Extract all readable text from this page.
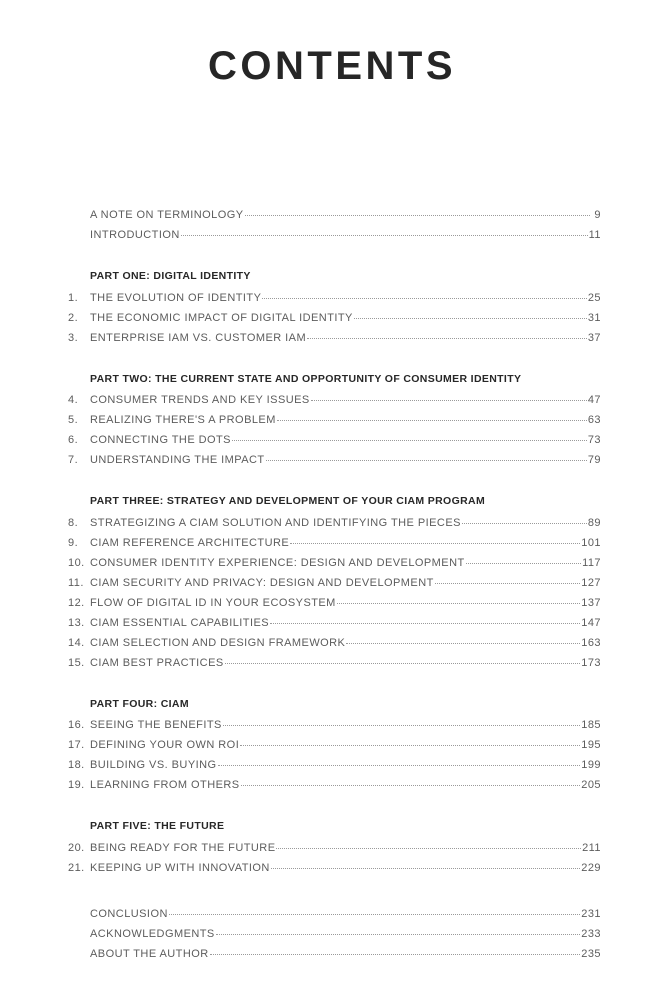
CONTENTS
A NOTE ON TERMINOLOGY	9
INTRODUCTION	11
PART ONE: DIGITAL IDENTITY
1.	THE EVOLUTION OF IDENTITY	25
2.	THE ECONOMIC IMPACT OF DIGITAL IDENTITY	31
3.	ENTERPRISE IAM VS. CUSTOMER IAM	37
PART TWO: THE CURRENT STATE AND OPPORTUNITY OF CONSUMER IDENTITY
4.	CONSUMER TRENDS AND KEY ISSUES	47
5.	REALIZING THERE'S A PROBLEM	63
6.	CONNECTING THE DOTS	73
7.	UNDERSTANDING THE IMPACT	79
PART THREE: STRATEGY AND DEVELOPMENT OF YOUR CIAM PROGRAM
8.	STRATEGIZING A CIAM SOLUTION AND IDENTIFYING THE PIECES	89
9.	CIAM REFERENCE ARCHITECTURE	101
10. CONSUMER IDENTITY EXPERIENCE: DESIGN AND DEVELOPMENT	117
11. CIAM SECURITY AND PRIVACY: DESIGN AND DEVELOPMENT	127
12. FLOW OF DIGITAL ID IN YOUR ECOSYSTEM	137
13. CIAM ESSENTIAL CAPABILITIES	147
14. CIAM SELECTION AND DESIGN FRAMEWORK	163
15. CIAM BEST PRACTICES	173
PART FOUR: CIAM
16. SEEING THE BENEFITS	185
17. DEFINING YOUR OWN ROI	195
18. BUILDING VS. BUYING	199
19. LEARNING FROM OTHERS	205
PART FIVE: THE FUTURE
20. BEING READY FOR THE FUTURE	211
21. KEEPING UP WITH INNOVATION	229
CONCLUSION	231
ACKNOWLEDGMENTS	233
ABOUT THE AUTHOR	235
